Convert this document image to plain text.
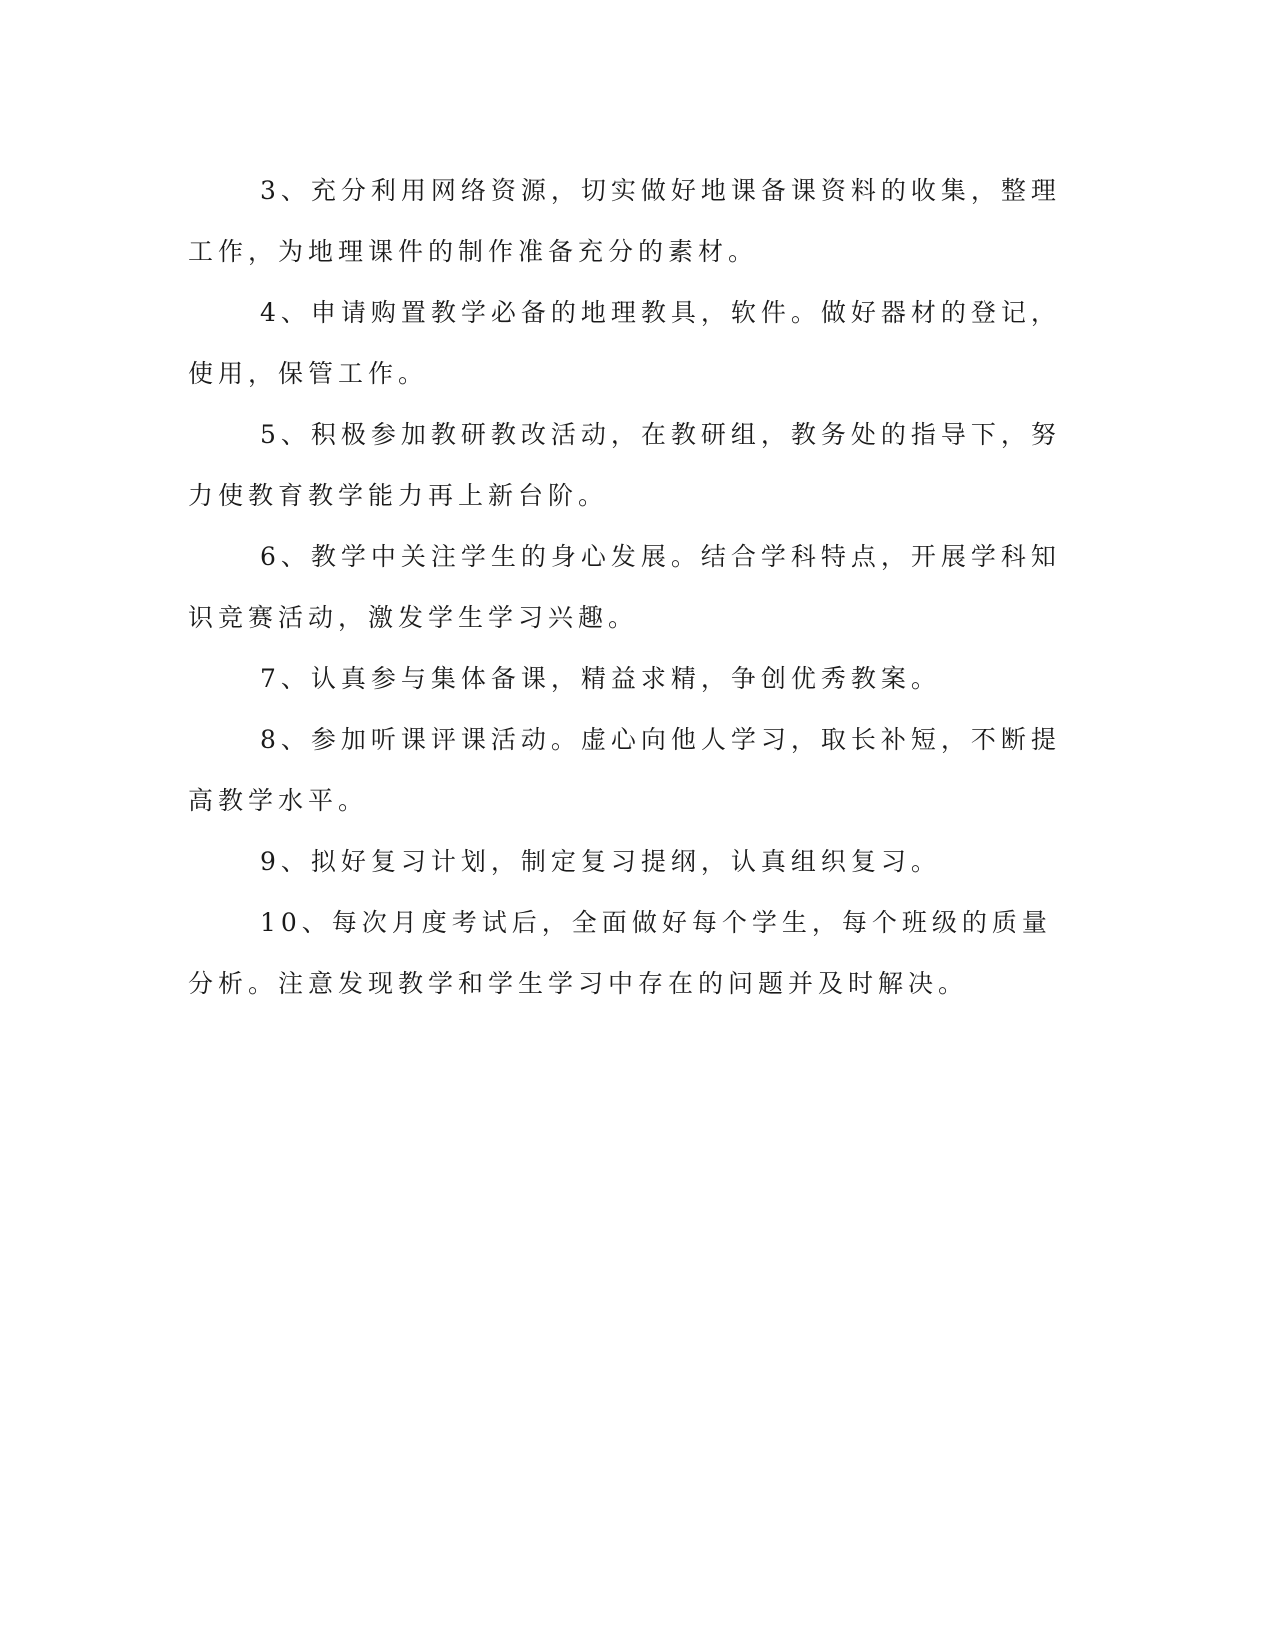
3、充分利用网络资源，切实做好地课备课资料的收集，整理工作，为地理课件的制作准备充分的素材。

4、申请购置教学必备的地理教具，软件。做好器材的登记，使用，保管工作。

5、积极参加教研教改活动，在教研组，教务处的指导下，努力使教育教学能力再上新台阶。

6、教学中关注学生的身心发展。结合学科特点，开展学科知识竞赛活动，激发学生学习兴趣。

7、认真参与集体备课，精益求精，争创优秀教案。

8、参加听课评课活动。虚心向他人学习，取长补短，不断提高教学水平。

9、拟好复习计划，制定复习提纲，认真组织复习。

10、每次月度考试后，全面做好每个学生，每个班级的质量分析。注意发现教学和学生学习中存在的问题并及时解决。
